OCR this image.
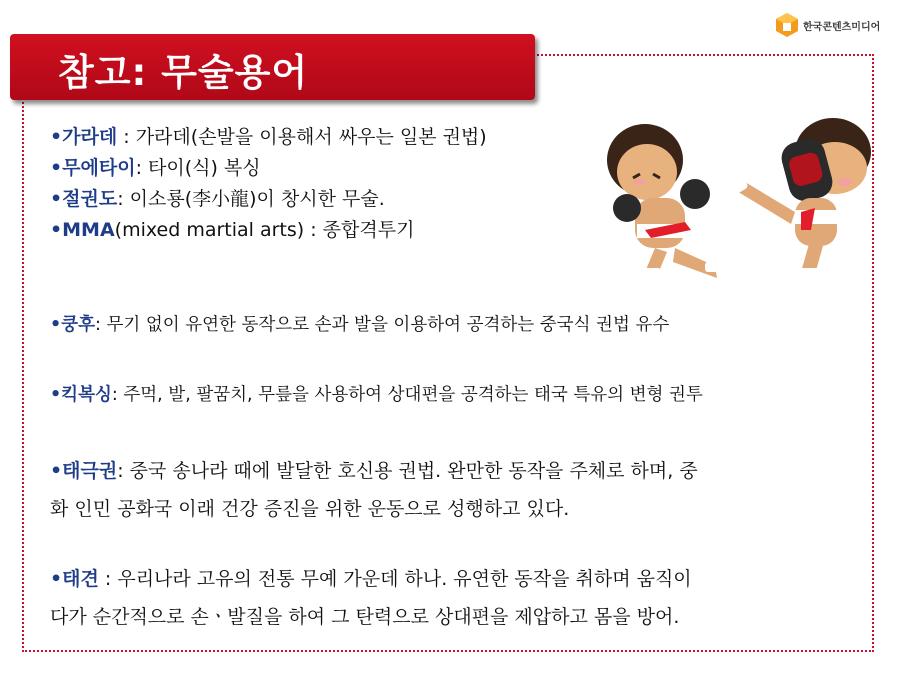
한국콘텐츠미디어
참고: 무술용어
•가라데 : 가라데(손발을 이용해서 싸우는 일본 권법)
•무에타이: 타이(식) 복싱
•절권도: 이소룡(李小龍)이 창시한 무술.
•MMA(mixed martial arts) : 종합격투기
•쿵후: 무기 없이 유연한 동작으로 손과 발을 이용하여 공격하는 중국식 권법 유수
•킥복싱: 주먹, 발, 팔꿈치, 무릎을 사용하여 상대편을 공격하는 태국 특유의 변형 권투
•태극권: 중국 송나라 때에 발달한 호신용 권법. 완만한 동작을 주체로 하며, 중
화 인민 공화국 이래 건강 증진을 위한 운동으로 성행하고 있다.
•태견 : 우리나라 고유의 전통 무예 가운데 하나. 유연한 동작을 취하며 움직이
다가 순간적으로 손ㆍ발질을 하여 그 탄력으로 상대편을 제압하고 몸을 방어.
